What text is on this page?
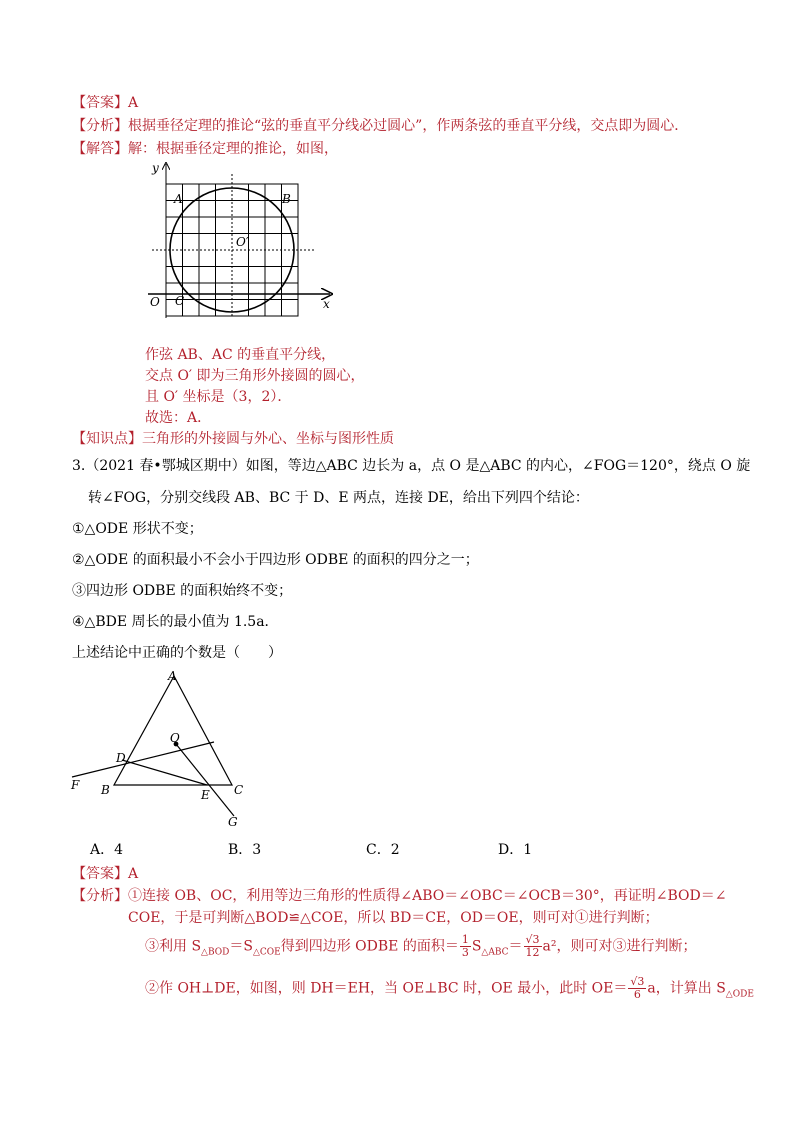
【答案】A
【分析】根据垂径定理的推论“弦的垂直平分线必过圆心”，作两条弦的垂直平分线，交点即为圆心．
【解答】解：根据垂径定理的推论，如图，
y
x
O
A	B
C
O′
作弦 AB、AC 的垂直平分线，
交点 O′ 即为三角形外接圆的圆心，
且 O′ 坐标是（3，2）．
故选：A．
【知识点】三角形的外接圆与外心、坐标与图形性质
3.（2021 春•鄂城区期中）如图，等边△ABC 边长为 a，点 O 是△ABC 的内心，∠FOG＝120°，绕点 O 旋
转∠FOG，分别交线段 AB、BC 于 D、E 两点，连接 DE，给出下列四个结论：
①△ODE 形状不变；
②△ODE 的面积最小不会小于四边形 ODBE 的面积的四分之一；
③四边形 ODBE 的面积始终不变；
④△BDE 周长的最小值为 1.5a．
上述结论中正确的个数是（　　）
A
O
D
F B	E C
G
A．4	B．3	C．2	D．1
【答案】A
【分析】①连接 OB、OC，利用等边三角形的性质得∠ABO＝∠OBC＝∠OCB＝30°，再证明∠BOD＝∠
COE，于是可判断△BOD≌△COE，所以 BD＝CE，OD＝OE，则可对①进行判断；
③利用 $S_{\triangle BOD}=S_{\triangle COE}$得到四边形 ODBE 的面积＝ $\frac{1}{3} S_{\triangle ABC}= \frac{√3}{12} a^2$，则可对③进行判断；
②作 OH⊥DE，如图，则 DH＝EH，当 OE⊥BC 时，OE 最小，此时 $OE= \frac{√3}{6}$ a，计算出 $S_{\triangle ODE}$
